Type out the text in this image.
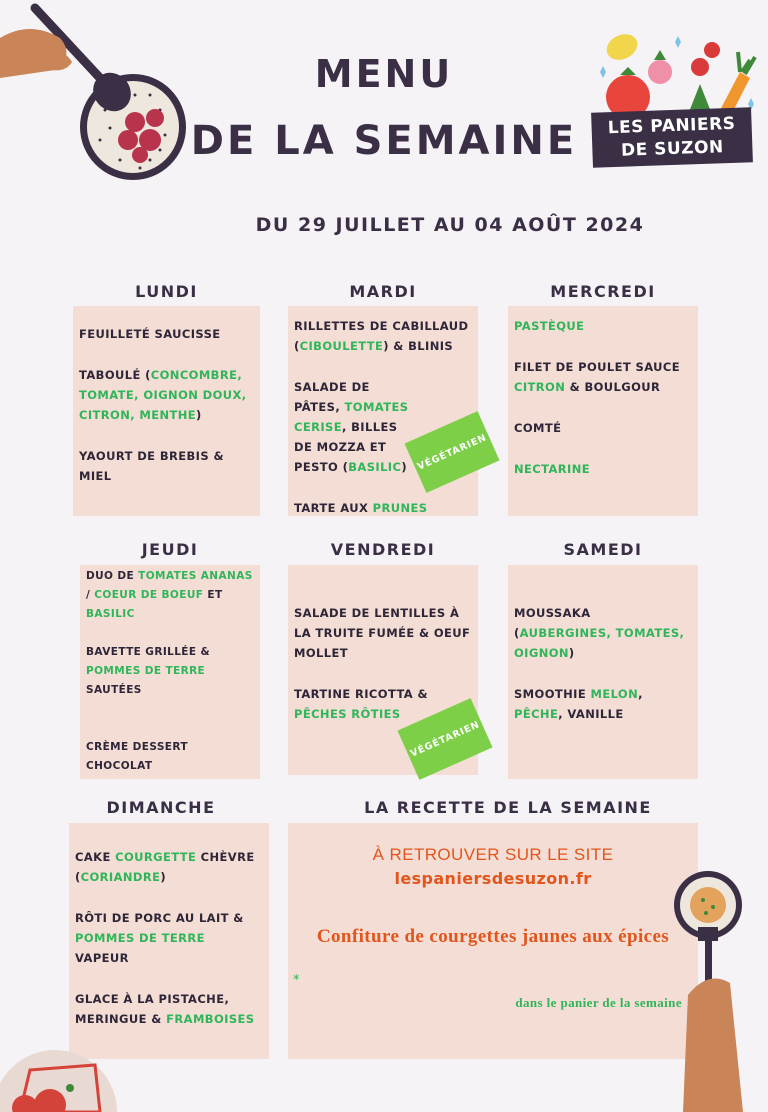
LES PANIERS
DE SUZON
MENU
DE LA SEMAINE
DU 29 JUILLET AU 04 AOÛT 2024
LUNDI	MARDI	MERCREDI

FEUILLETÉ SAUCISSE

TABOULÉ (CONCOMBRE, TOMATE, OIGNON DOUX, CITRON, MENTHE)

YAOURT DE BREBIS & MIEL

RILLETTES DE CABILLAUD (CIBOULETTE) & BLINIS

SALADE DE PÂTES, TOMATES CERISE, BILLES DE MOZZA ET PESTO (BASILIC)

TARTE AUX PRUNES

VÉGÉTARIEN

PASTÈQUE

FILET DE POULET SAUCE CITRON & BOULGOUR

COMTÉ

NECTARINE

JEUDI	VENDREDI	SAMEDI

DUO DE TOMATES ANANAS / COEUR DE BOEUF ET BASILIC

BAVETTE GRILLÉE & POMMES DE TERRE SAUTÉES

CRÈME DESSERT CHOCOLAT

SALADE DE LENTILLES À LA TRUITE FUMÉE & OEUF MOLLET

TARTINE RICOTTA & PÊCHES RÔTIES

VÉGÉTARIEN

MOUSSAKA (AUBERGINES, TOMATES, OIGNON)

SMOOTHIE MELON, PÊCHE, VANILLE

DIMANCHE	LA RECETTE DE LA SEMAINE

CAKE COURGETTE CHÈVRE (CORIANDRE)

RÔTI DE PORC AU LAIT & POMMES DE TERRE VAPEUR

GLACE À LA PISTACHE, MERINGUE & FRAMBOISES

À RETROUVER SUR LE SITE
lespaniersdesuzon.fr
Confiture de courgettes jaunes aux épices
*
dans le panier de la semaine
